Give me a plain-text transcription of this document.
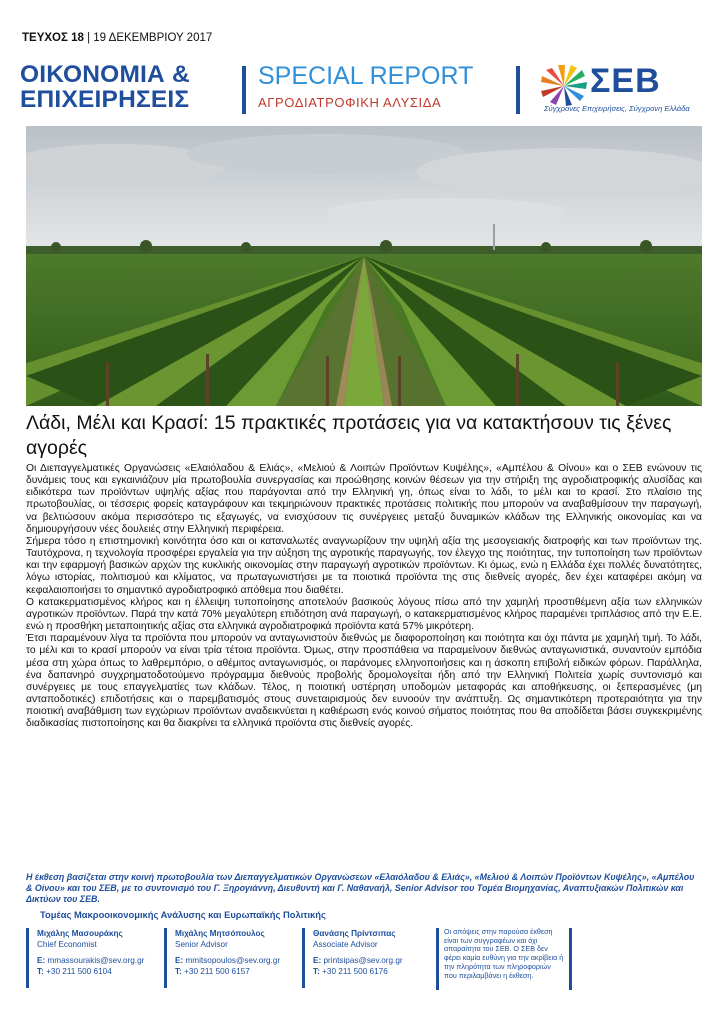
ΤΕΥΧΟΣ 18 | 19 ΔΕΚΕΜΒΡΙΟΥ 2017
ΟΙΚΟΝΟΜΙΑ &
ΕΠΙΧΕΙΡΗΣΕΙΣ
SPECIAL REPORT
ΑΓΡΟΔΙΑΤΡΟΦΙΚΗ ΑΛΥΣΙΔΑ
ΣΕΒ
Σύγχρονες Επιχειρήσεις, Σύγχρονη Ελλάδα
Λάδι, Μέλι και Κρασί: 15 πρακτικές προτάσεις για να κατακτήσουν τις ξένες αγορές

Οι Διεπαγγελματικές Οργανώσεις «Ελαιόλαδου & Ελιάς», «Μελιού & Λοιπών Προϊόντων Κυψέλης», «Αμπέλου & Οίνου» και ο ΣΕΒ ενώνουν τις δυνάμεις τους και εγκαινιάζουν μία πρωτοβουλία συνεργασίας και προώθησης κοινών θέσεων για την στήριξη της αγροδιατροφικής αλυσίδας και ειδικότερα των προϊόντων υψηλής αξίας που παράγονται από την Ελληνική γη, όπως είναι το λάδι, το μέλι και το κρασί. Στο πλαίσιο της πρωτοβουλίας, οι τέσσερις φορείς καταγράφουν και τεκμηριώνουν πρακτικές προτάσεις πολιτικής που μπορούν να αναβαθμίσουν την παραγωγή, να βελτιώσουν ακόμα περισσότερο τις εξαγωγές, να ενισχύσουν τις συνέργειες μεταξύ δυναμικών κλάδων της Ελληνικής οικονομίας και να δημιουργήσουν νέες δουλειές στην Ελληνική περιφέρεια.

Σήμερα τόσο η επιστημονική κοινότητα όσο και οι καταναλωτές αναγνωρίζουν την υψηλή αξία της μεσογειακής διατροφής και των προϊόντων της. Ταυτόχρονα, η τεχνολογία προσφέρει εργαλεία για την αύξηση της αγροτικής παραγωγής, τον έλεγχο της ποιότητας, την τυποποίηση των προϊόντων και την εφαρμογή βασικών αρχών της κυκλικής οικονομίας στην παραγωγή αγροτικών προϊόντων. Κι όμως, ενώ η Ελλάδα έχει πολλές δυνατότητες, λόγω ιστορίας, πολιτισμού και κλίματος, να πρωταγωνιστήσει με τα ποιοτικά προϊόντα της στις διεθνείς αγορές, δεν έχει καταφέρει ακόμη να κεφαλαιοποιήσει το σημαντικό αγροδιατροφικό απόθεμα που διαθέτει.

Ο κατακερματισμένος κλήρος και η έλλειψη τυποποίησης αποτελούν βασικούς λόγους πίσω από την χαμηλή προστιθέμενη αξία των ελληνικών αγροτικών προϊόντων. Παρά την κατά 70% μεγαλύτερη επιδότηση ανά παραγωγή, ο κατακερματισμένος κλήρος παραμένει τριπλάσιος από την Ε.Ε. ενώ η προσθήκη μεταποιητικής αξίας στα ελληνικά αγροδιατροφικά προϊόντα κατά 57% μικρότερη.

Έτσι παραμένουν λίγα τα προϊόντα που μπορούν να ανταγωνιστούν διεθνώς με διαφοροποίηση και ποιότητα και όχι πάντα με χαμηλή τιμή. Το λάδι, το μέλι και το κρασί μπορούν να είναι τρία τέτοια προϊόντα. Όμως, στην προσπάθεια να παραμείνουν διεθνώς ανταγωνιστικά, συναντούν εμπόδια μέσα στη χώρα όπως το λαθρεμπόριο, ο αθέμιτος ανταγωνισμός, οι παράνομες ελληνοποιήσεις και η άσκοπη επιβολή ειδικών φόρων. Παράλληλα, ένα δαπανηρό συγχρηματοδοτούμενο πρόγραμμα διεθνούς προβολής δρομολογείται ήδη από την Ελληνική Πολιτεία χωρίς συντονισμό και συνέργειες με τους επαγγελματίες των κλάδων. Τέλος, η ποιοτική υστέρηση υποδομών μεταφοράς και αποθήκευσης, οι ξεπερασμένες (μη ανταποδοτικές) επιδοτήσεις και ο παρεμβατισμός στους συνεταιρισμούς δεν ευνοούν την ανάπτυξη. Ως σημαντικότερη προτεραιότητα για την ποιοτική αναβάθμιση των εγχώριων προϊόντων αναδεικνύεται η καθιέρωση ενός κοινού σήματος ποιότητας που θα αποδίδεται βάσει συγκεκριμένης διαδικασίας πιστοποίησης και θα διακρίνει τα ελληνικά προϊόντα στις διεθνείς αγορές.

Η έκθεση βασίζεται στην κοινή πρωτοβουλία των Διεπαγγελματικών Οργανώσεων «Ελαιόλαδου & Ελιάς», «Μελιού & Λοιπών Προϊόντων Κυψέλης», «Αμπέλου & Οίνου» και του ΣΕΒ, με το συντονισμό του Γ. Ξηρογιάννη, Διευθυντή και Γ. Ναθαναήλ, Senior Advisor του Τομέα Βιομηχανίας, Αναπτυξιακών Πολιτικών και Δικτύων του ΣΕΒ.
Τομέας Μακροοικονομικής Ανάλυσης και Ευρωπαϊκής Πολιτικής
Μιχάλης Μασουράκης
Chief Economist
E: mmassourakis@sev.org.gr
T: +30 211 500 6104
Μιχάλης Μητσόπουλος
Senior Advisor
E: mmitsopoulos@sev.org.gr
T: +30 211 500 6157
Θανάσης Πρίντσιπας
Associate Advisor
E: printsipas@sev.org.gr
T: +30 211 500 6176
Οι απόψεις στην παρούσα έκθεση είναι των συγγραφέων και όχι απαραίτητα του ΣΕΒ. Ο ΣΕΒ δεν φέρει καμία ευθύνη για την ακρίβεια ή την πληρότητα των πληροφοριών που περιλαμβάνει η έκθεση.
